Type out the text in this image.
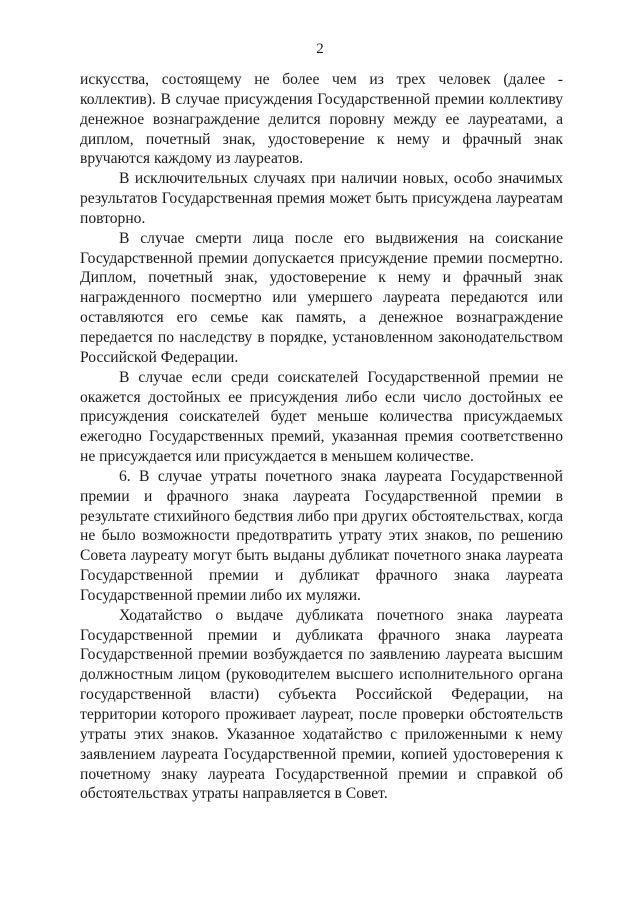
2

искусства, состоящему не более чем из трех человек (далее - коллектив). В случае присуждения Государственной премии коллективу денежное вознаграждение делится поровну между ее лауреатами, а диплом, почетный знак, удостоверение к нему и фрачный знак вручаются каждому из лауреатов.

В исключительных случаях при наличии новых, особо значимых результатов Государственная премия может быть присуждена лауреатам повторно.

В случае смерти лица после его выдвижения на соискание Государственной премии допускается присуждение премии посмертно. Диплом, почетный знак, удостоверение к нему и фрачный знак награжденного посмертно или умершего лауреата передаются или оставляются его семье как память, а денежное вознаграждение передается по наследству в порядке, установленном законодательством Российской Федерации.

В случае если среди соискателей Государственной премии не окажется достойных ее присуждения либо если число достойных ее присуждения соискателей будет меньше количества присуждаемых ежегодно Государственных премий, указанная премия соответственно не присуждается или присуждается в меньшем количестве.

6. В случае утраты почетного знака лауреата Государственной премии и фрачного знака лауреата Государственной премии в результате стихийного бедствия либо при других обстоятельствах, когда не было возможности предотвратить утрату этих знаков, по решению Совета лауреату могут быть выданы дубликат почетного знака лауреата Государственной премии и дубликат фрачного знака лауреата Государственной премии либо их муляжи.

Ходатайство о выдаче дубликата почетного знака лауреата Государственной премии и дубликата фрачного знака лауреата Государственной премии возбуждается по заявлению лауреата высшим должностным лицом (руководителем высшего исполнительного органа государственной власти) субъекта Российской Федерации, на территории которого проживает лауреат, после проверки обстоятельств утраты этих знаков. Указанное ходатайство с приложенными к нему заявлением лауреата Государственной премии, копией удостоверения к почетному знаку лауреата Государственной премии и справкой об обстоятельствах утраты направляется в Совет.
